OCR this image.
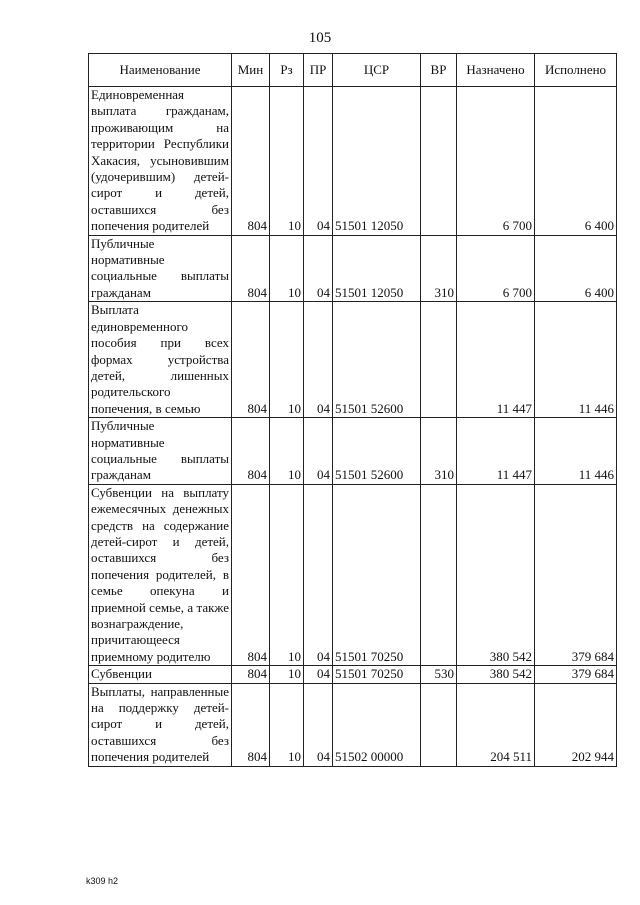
105
Наименование	Мин	Рз	ПР	ЦСР	ВР	Назначено	Исполнено
Единовременная выплата гражданам, проживающим на территории Республики Хакасия, усыновившим (удочерившим) детей-сирот и детей, оставшихся без попечения родителей	804	10	04	51501 12050		6 700	6 400
Публичные нормативные социальные выплаты гражданам	804	10	04	51501 12050	310	6 700	6 400
Выплата единовременного пособия при всех формах устройства детей, лишенных родительского попечения, в семью	804	10	04	51501 52600		11 447	11 446
Публичные нормативные социальные выплаты гражданам	804	10	04	51501 52600	310	11 447	11 446
Субвенции на выплату ежемесячных денежных средств на содержание детей-сирот и детей, оставшихся без попечения родителей, в семье опекуна и приемной семье, а также вознаграждение, причитающееся приемному родителю	804	10	04	51501 70250		380 542	379 684
Субвенции	804	10	04	51501 70250	530	380 542	379 684
Выплаты, направленные на поддержку детей-сирот и детей, оставшихся без попечения родителей	804	10	04	51502 00000		204 511	202 944
k309 h2
